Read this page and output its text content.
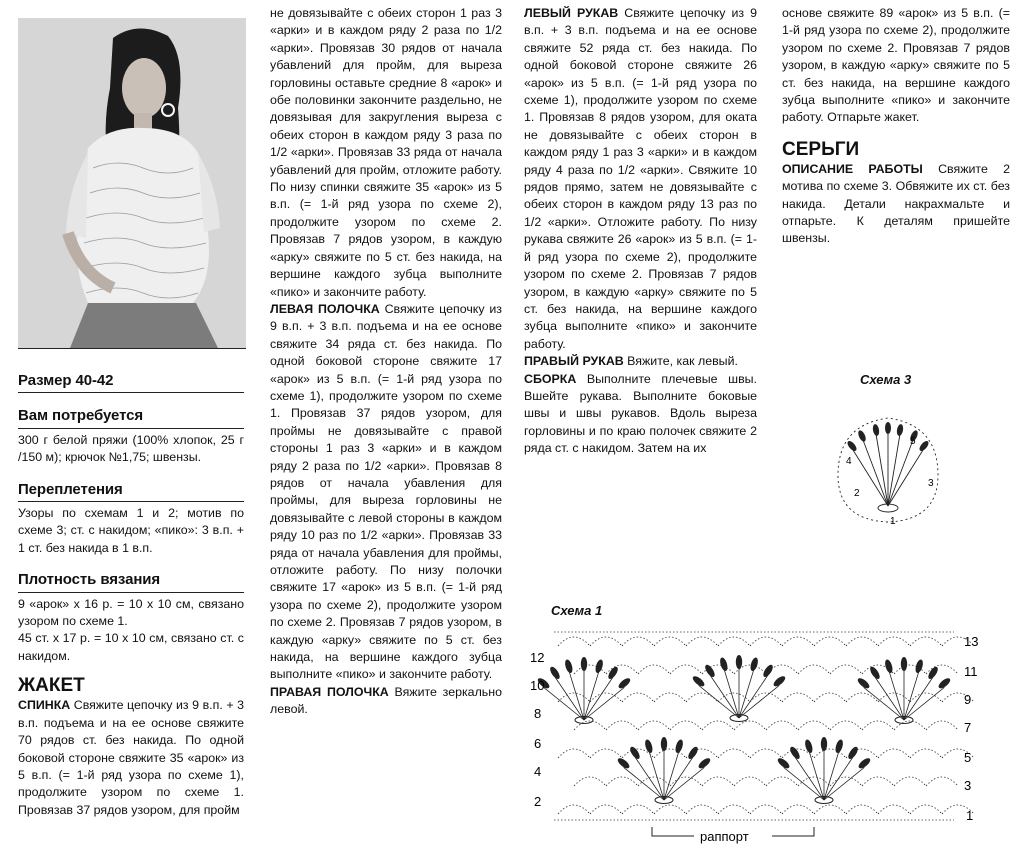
Размер 40-42
Вам потребуется

300 г белой пряжи (100% хлопок, 25 г /150 м); крючок №1,75; швензы.

Переплетения

Узоры по схемам 1 и 2; мотив по схеме 3; ст. с накидом; «пико»: 3 в.п. + 1 ст. без накида в 1 в.п.

Плотность вязания

9 «арок» х 16 р. = 10 х 10 см, связано узором по схеме 1.

45 ст. х 17 р. = 10 х 10 см, связано ст. с накидом.

ЖАКЕТ

СПИНКА Свяжите цепочку из 9 в.п. + 3 в.п. подъема и на ее основе свяжите 70 рядов ст. без накида. По одной боковой стороне свяжите 35 «арок» из 5 в.п. (= 1-й ряд узора по схеме 1), продолжите узором по схеме 1. Провязав 37 рядов узором, для пройм

не довязывайте с обеих сторон 1 раз 3 «арки» и в каждом ряду 2 раза по 1/2 «арки». Провязав 30 рядов от начала убавлений для пройм, для выреза горловины оставьте средние 8 «арок» и обе половинки закончите раздельно, не довязывая для закругления выреза с обеих сторон в каждом ряду 3 раза по 1/2 «арки». Провязав 33 ряда от начала убавлений для пройм, отложите работу. По низу спинки свяжите 35 «арок» из 5 в.п. (= 1-й ряд узора по схеме 2), продолжите узором по схеме 2. Провязав 7 рядов узором, в каждую «арку» свяжите по 5 ст. без накида, на вершине каждого зубца выполните «пико» и закончите работу.

ЛЕВАЯ ПОЛОЧКА Свяжите цепочку из 9 в.п. + 3 в.п. подъема и на ее основе свяжите 34 ряда ст. без накида. По одной боковой стороне свяжите 17 «арок» из 5 в.п. (= 1-й ряд узора по схеме 1), продолжите узором по схеме 1. Провязав 37 рядов узором, для проймы не довязывайте с правой стороны 1 раз 3 «арки» и в каждом ряду 2 раза по 1/2 «арки». Провязав 8 рядов от начала убавления для проймы, для выреза горловины не довязывайте с левой стороны в каждом ряду 10 раз по 1/2 «арки». Провязав 33 ряда от начала убавления для проймы, отложите работу. По низу полочки свяжите 17 «арок» из 5 в.п. (= 1-й ряд узора по схеме 2), продолжите узором по схеме 2. Провязав 7 рядов узором, в каждую «арку» свяжите по 5 ст. без накида, на вершине каждого зубца выполните «пико» и закончите работу.

ПРАВАЯ ПОЛОЧКА Вяжите зеркально левой.

ЛЕВЫЙ РУКАВ Свяжите цепочку из 9 в.п. + 3 в.п. подъема и на ее основе свяжите 52 ряда ст. без накида. По одной боковой стороне свяжите 26 «арок» из 5 в.п. (= 1-й ряд узора по схеме 1), продолжите узором по схеме 1. Провязав 8 рядов узором, для оката не довязывайте с обеих сторон в каждом ряду 1 раз 3 «арки» и в каждом ряду 4 раза по 1/2 «арки». Свяжите 10 рядов прямо, затем не довязывайте с обеих сторон в каждом ряду 13 раз по 1/2 «арки». Отложите работу. По низу рукава свяжите 26 «арок» из 5 в.п. (= 1-й ряд узора по схеме 2), продолжите узором по схеме 2. Провязав 7 рядов узором, в каждую «арку» свяжите по 5 ст. без накида, на вершине каждого зубца выполните «пико» и закончите работу.

ПРАВЫЙ РУКАВ Вяжите, как левый.

СБОРКА Выполните плечевые швы. Вшейте рукава. Выполните боковые швы и швы рукавов. Вдоль выреза горловины и по краю полочек свяжите 2 ряда ст. с накидом. Затем на их

основе свяжите 89 «арок» из 5 в.п. (= 1-й ряд узора по схеме 2), продолжите узором по схеме 2. Провязав 7 рядов узором, в каждую «арку» свяжите по 5 ст. без накида, на вершине каждого зубца выполните «пико» и закончите работу. Отпарьте жакет.

СЕРЬГИ

ОПИСАНИЕ РАБОТЫ Свяжите 2 мотива по схеме 3. Обвяжите их ст. без накида. Детали накрахмальте и отпарьте. К деталям пришейте швензы.

Схема 3
1
2
3
4
5
Схема 1
12
10
8
6
4
2
13
11
9
7
5
3
1
раппорт
